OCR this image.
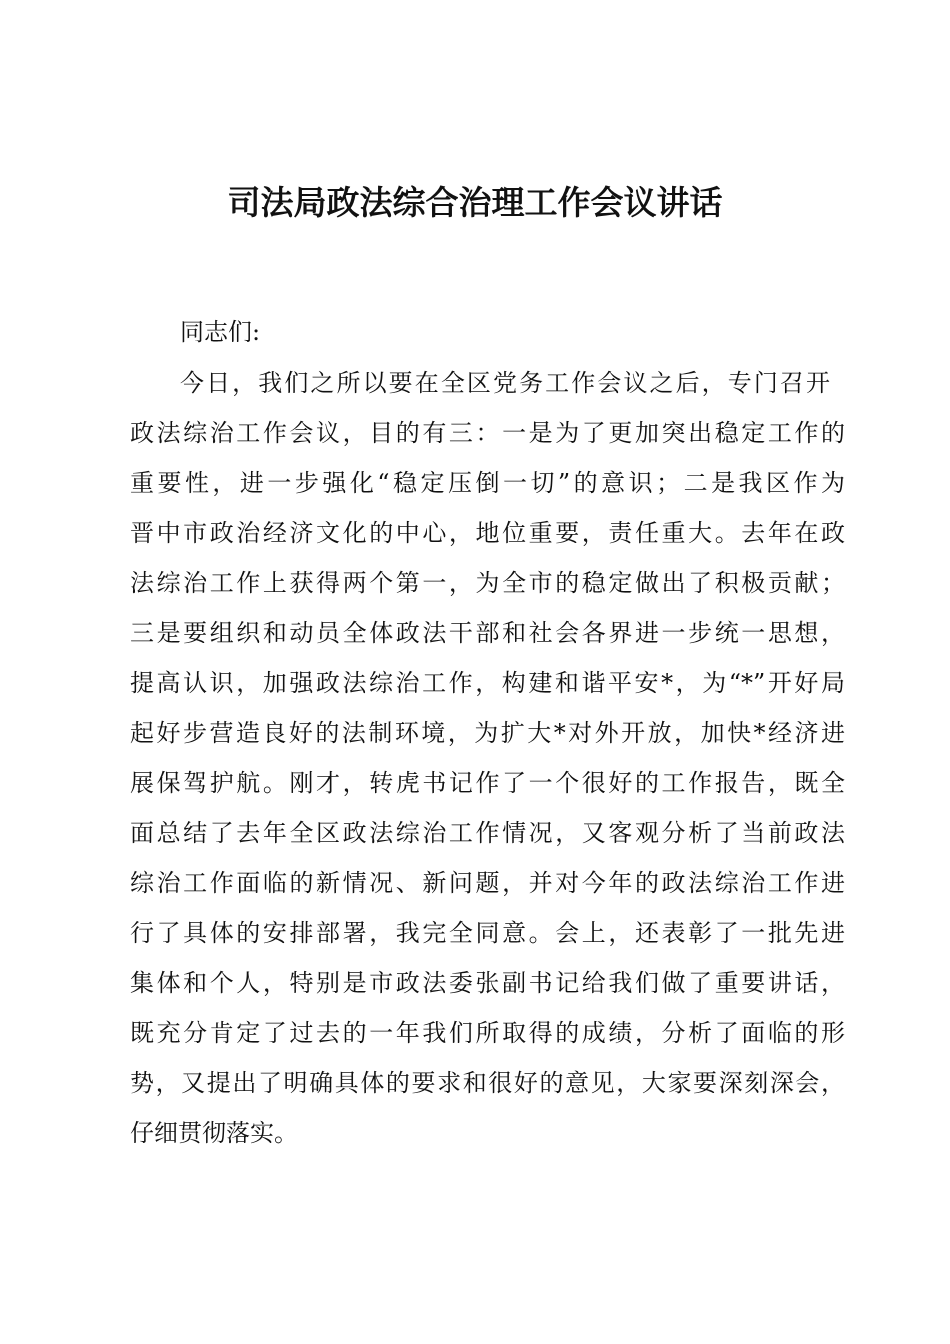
司法局政法综合治理工作会议讲话
同志们:
今日，我们之所以要在全区党务工作会议之后，专门召开
政法综治工作会议，目的有三：一是为了更加突出稳定工作的
重要性，进一步强化“稳定压倒一切”的意识；二是我区作为
晋中市政治经济文化的中心，地位重要，责任重大。去年在政
法综治工作上获得两个第一，为全市的稳定做出了积极贡献；
三是要组织和动员全体政法干部和社会各界进一步统一思想，
提高认识，加强政法综治工作，构建和谐平安*，为“*”开好局
起好步营造良好的法制环境，为扩大*对外开放，加快*经济进
展保驾护航。刚才，转虎书记作了一个很好的工作报告，既全
面总结了去年全区政法综治工作情况，又客观分析了当前政法
综治工作面临的新情况、新问题，并对今年的政法综治工作进
行了具体的安排部署，我完全同意。会上，还表彰了一批先进
集体和个人，特别是市政法委张副书记给我们做了重要讲话，
既充分肯定了过去的一年我们所取得的成绩，分析了面临的形
势，又提出了明确具体的要求和很好的意见，大家要深刻深会，
仔细贯彻落实。
